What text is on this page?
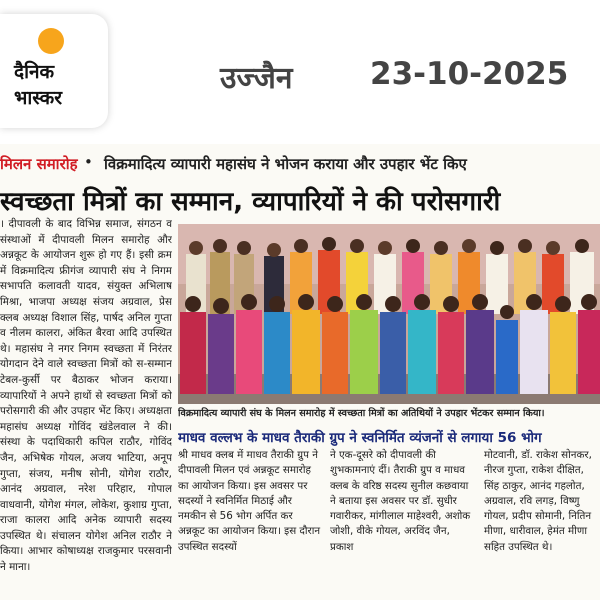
दैनिक
भास्कर
उज्जैन 23-10-2025
मिलन समारोह • विक्रमादित्य व्यापारी महासंघ ने भोजन कराया और उपहार भेंट किए
स्वच्छता मित्रों का सम्मान, व्यापारियों ने की परोसगारी
। दीपावली के बाद विभिन्न समाज, संगठन व संस्थाओं में दीपावली मिलन समारोह और अन्नकूट के आयोजन शुरू हो गए हैं। इसी क्रम में विक्रमादित्य फ्रीगंज व्यापारी संघ ने निगम सभापति कलावती यादव, संयुक्त अभिलाष मिश्रा, भाजपा अध्यक्ष संजय अग्रवाल, प्रेस क्लब अध्यक्ष विशाल सिंह, पार्षद अनिल गुप्ता व नीलम कालरा, अंकित बैरवा आदि उपस्थित थे। महासंघ ने नगर निगम स्वच्छता में निरंतर योगदान देने वाले स्वच्छता मित्रों को स-सम्मान टेबल-कुर्सी पर बैठाकर भोजन कराया। व्यापारियों ने अपने हाथों से स्वच्छता मित्रों को परोसगारी की और उपहार भेंट किए। अध्यक्षता महासंघ अध्यक्ष गोविंद खंडेलवाल ने की। संस्था के पदाधिकारी कपिल राठौर, गोविंद जैन, अभिषेक गोयल, अजय भाटिया, अनूप गुप्ता, संजय, मनीष सोनी, योगेश राठौर, आनंद अग्रवाल, नरेश परिहार, गोपाल वाधवानी, योगेश मंगल, लोकेश, कुशाग्र गुप्ता, राजा कालरा आदि अनेक व्यापारी सदस्य उपस्थित थे। संचालन योगेश अनिल राठौर ने किया। आभार कोषाध्यक्ष राजकुमार परसवानी ने माना।
विक्रमादित्य व्यापारी संघ के मिलन समारोह में स्वच्छता मित्रों का अतिथियों ने उपहार भेंटकर सम्मान किया।
माधव वल्लभ के माधव तैराकी ग्रुप ने स्वनिर्मित व्यंजनों से लगाया 56 भोग
श्री माधव क्लब में माधव तैराकी ग्रुप ने दीपावली मिलन एवं अन्नकूट समारोह का आयोजन किया। इस अवसर पर सदस्यों ने स्वनिर्मित मिठाई और नमकीन से 56 भोग अर्पित कर अन्नकूट का आयोजन किया। इस दौरान उपस्थित सदस्यों
ने एक-दूसरे को दीपावली की शुभकामनाएं दीं। तैराकी ग्रुप व माधव क्लब के वरिष्ठ सदस्य सुनील कछवाया ने बताया इस अवसर पर डॉ. सुधीर गवारीकर, मांगीलाल माहेश्वरी, अशोक जोशी, वीके गोयल, अरविंद जैन, प्रकाश
मोटवानी, डॉ. राकेश सोनकर, नीरज गुप्ता, राकेश दीक्षित, सिंह ठाकुर, आनंद गहलोत, अग्रवाल, रवि लगड़, विष्णु गोयल, प्रदीप सोमानी, नितिन मीणा, धारीवाल, हेमंत मीणा सहित उपस्थित थे।
